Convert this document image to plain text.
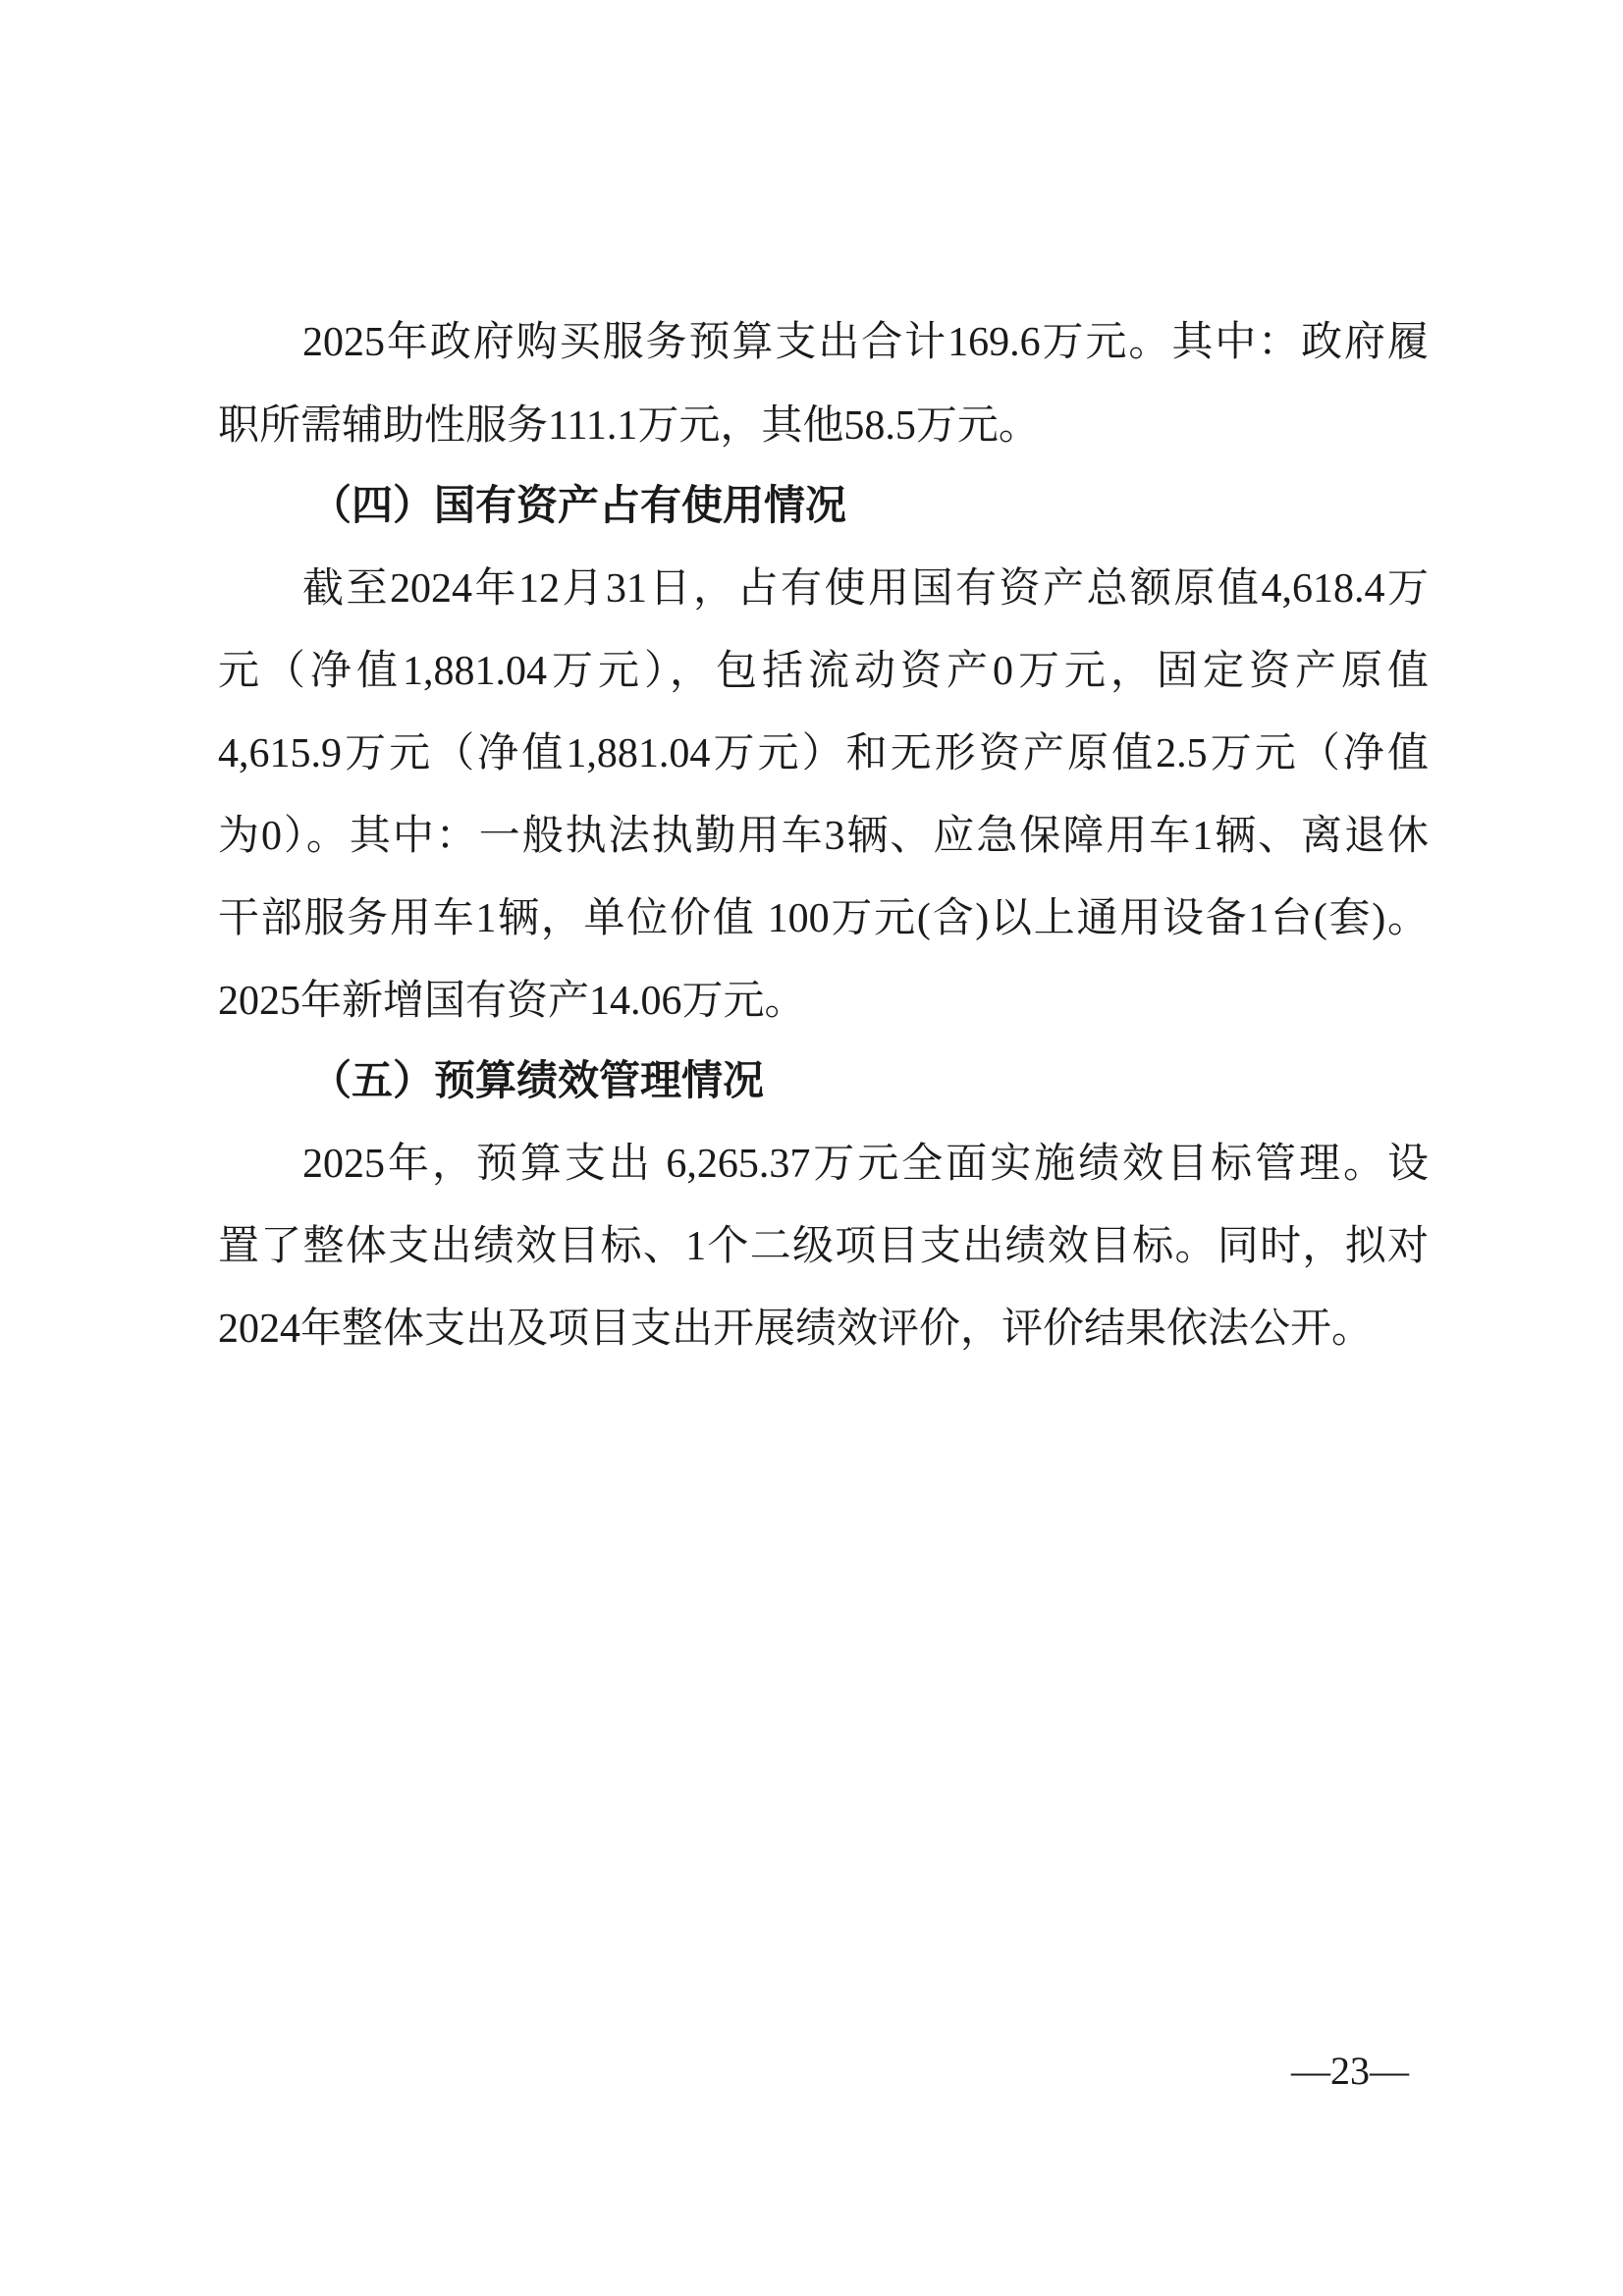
2025年政府购买服务预算支出合计169.6万元。其中：政府履
职所需辅助性服务111.1万元，其他58.5万元。
（四）国有资产占有使用情况
截至2024年12月31日，占有使用国有资产总额原值4,618.4万
元（净值1,881.04万元），包括流动资产0万元，固定资产原值
4,615.9万元（净值1,881.04万元）和无形资产原值2.5万元（净值
为0）。其中：一般执法执勤用车3辆、应急保障用车1辆、离退休
干部服务用车1辆，单位价值 100万元(含)以上通用设备1台(套)。
2025年新增国有资产14.06万元。
（五）预算绩效管理情况
2025年，预算支出 6,265.37万元全面实施绩效目标管理。设
置了整体支出绩效目标、1个二级项目支出绩效目标。同时，拟对
2024年整体支出及项目支出开展绩效评价，评价结果依法公开。
—23—
